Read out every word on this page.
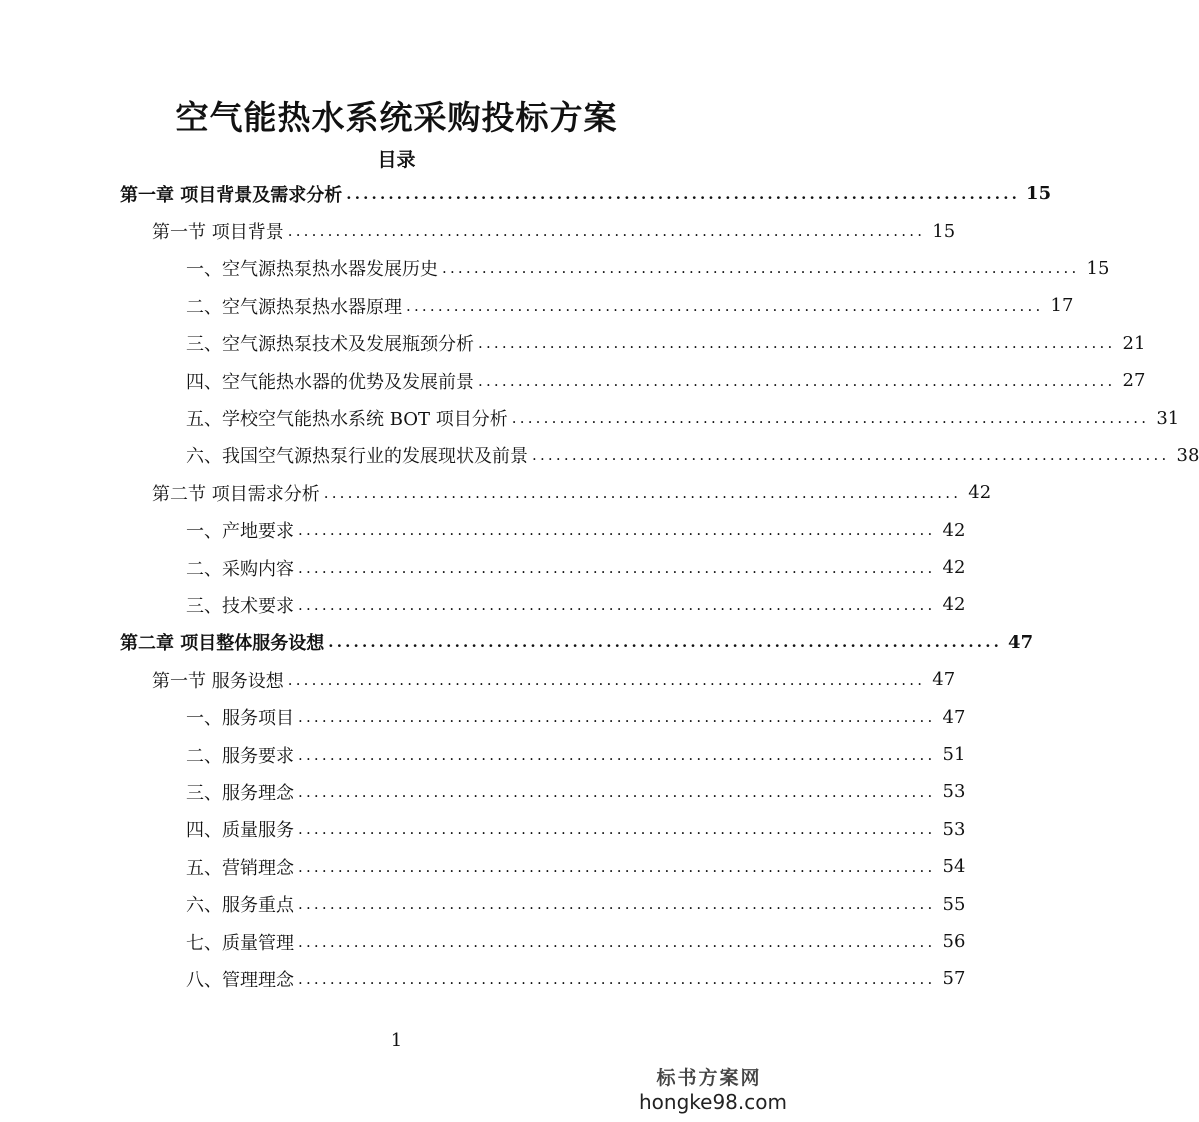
空气能热水系统采购投标方案
目录
第一章 项目背景及需求分析 ................................................................................ 15
第一节 项目背景 ................................................................................ 15
一、空气源热泵热水器发展历史 ................................................................................ 15
二、空气源热泵热水器原理 ................................................................................ 17
三、空气源热泵技术及发展瓶颈分析 ................................................................................ 21
四、空气能热水器的优势及发展前景 ................................................................................ 27
五、学校空气能热水系统 BOT 项目分析 ................................................................................ 31
六、我国空气源热泵行业的发展现状及前景 ................................................................................ 38
第二节 项目需求分析 ................................................................................ 42
一、产地要求 ................................................................................ 42
二、采购内容 ................................................................................ 42
三、技术要求 ................................................................................ 42
第二章 项目整体服务设想 ................................................................................ 47
第一节 服务设想 ................................................................................ 47
一、服务项目 ................................................................................ 47
二、服务要求 ................................................................................ 51
三、服务理念 ................................................................................ 53
四、质量服务 ................................................................................ 53
五、营销理念 ................................................................................ 54
六、服务重点 ................................................................................ 55
七、质量管理 ................................................................................ 56
八、管理理念 ................................................................................ 57
1
标书方案网
hongke98.com
